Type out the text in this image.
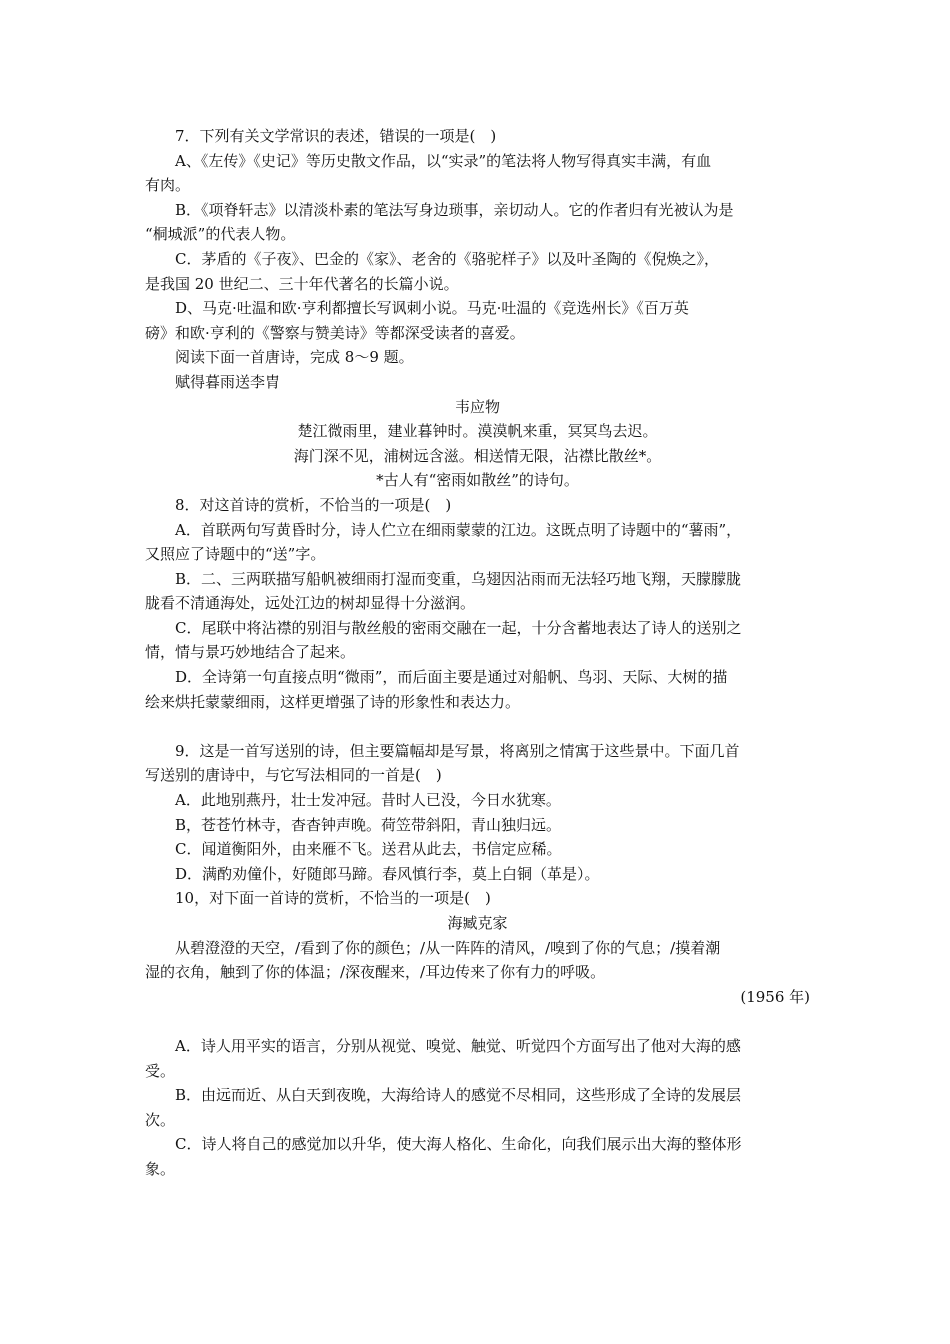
7．下列有关文学常识的表述，错误的一项是(　)
A、《左传》《史记》等历史散文作品，以“实录”的笔法将人物写得真实丰满，有血
有肉。
B．《项脊轩志》以清淡朴素的笔法写身边琐事，亲切动人。它的作者归有光被认为是
“桐城派”的代表人物。
C．茅盾的《子夜》、巴金的《家》、老舍的《骆驼样子》以及叶圣陶的《倪焕之》，
是我国 20 世纪二、三十年代著名的长篇小说。
D、马克·吐温和欧·亨利都擅长写讽刺小说。马克·吐温的《竞选州长》《百万英
磅》和欧·亨利的《警察与赞美诗》等都深受读者的喜爱。
阅读下面一首唐诗，完成 8～9 题。
赋得暮雨送李胄
韦应物
楚江微雨里，建业暮钟时。漠漠帆来重，冥冥鸟去迟。
海门深不见，浦树远含滋。相送情无限，沾襟比散丝*。
*古人有“密雨如散丝”的诗句。
8．对这首诗的赏析，不恰当的一项是(　)
A．首联两句写黄昏时分，诗人伫立在细雨蒙蒙的江边。这既点明了诗题中的“薯雨”，
又照应了诗题中的“送”字。
B．二、三两联描写船帆被细雨打湿而变重，乌翅因沾雨而无法轻巧地飞翔，天朦朦胧
胧看不清通海处，远处江边的树却显得十分滋润。
C．尾联中将沾襟的别泪与散丝般的密雨交融在一起，十分含蓄地表达了诗人的送别之
情，情与景巧妙地结合了起来。
D．全诗第一句直接点明“微雨”，而后面主要是通过对船帆、鸟羽、天际、大树的描
绘来烘托蒙蒙细雨，这样更增强了诗的形象性和表达力。
9．这是一首写送别的诗，但主要篇幅却是写景，将离别之情寓于这些景中。下面几首
写送别的唐诗中，与它写法相同的一首是(　)
A．此地别燕丹，壮士发冲冠。昔时人已没，今日水犹寒。
B，苍苍竹林寺，杳杳钟声晚。荷笠带斜阳，青山独归远。
C．闻道衡阳外，由来雁不飞。送君从此去，书信定应稀。
D．满酌劝僮仆，好随郎马蹄。春风慎行李，莫上白铜（革是）。
10，对下面一首诗的赏析，不恰当的一项是(　)
海臧克家
从碧澄澄的天空，/看到了你的颜色；/从一阵阵的清风，/嗅到了你的气息；/摸着潮
湿的衣角，触到了你的体温；/深夜醒来，/耳边传来了你有力的呼吸。
(1956 年)
A．诗人用平实的语言，分别从视觉、嗅觉、触觉、听觉四个方面写出了他对大海的感
受。
B．由远而近、从白天到夜晚，大海给诗人的感觉不尽相同，这些形成了全诗的发展层
次。
C．诗人将自己的感觉加以升华，使大海人格化、生命化，向我们展示出大海的整体形
象。
